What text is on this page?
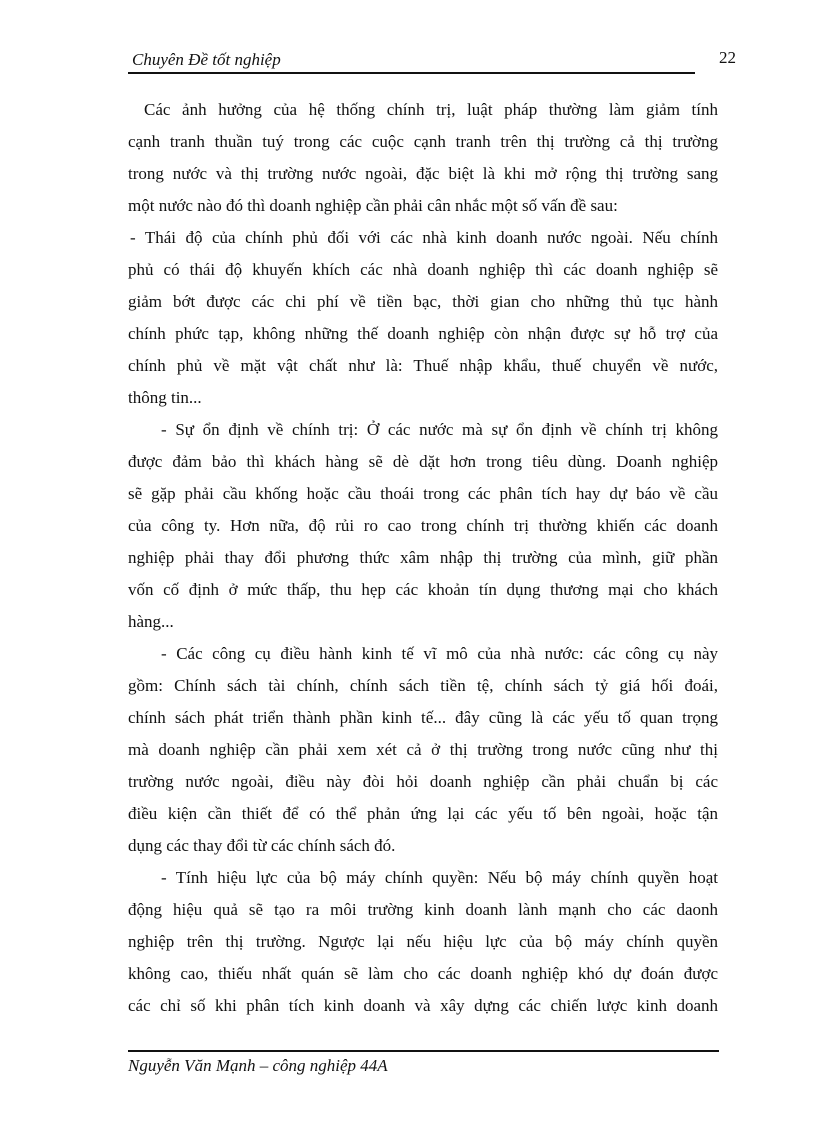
Chuyên Đề tốt nghiệp	22
Các ảnh hưởng của hệ thống chính trị, luật pháp thường làm giảm tính
cạnh tranh thuần tuý trong các cuộc cạnh tranh trên thị trường cả thị trường
trong nước và thị trường nước ngoài, đặc biệt là khi mở rộng thị trường sang
một nước nào đó thì doanh nghiệp cần phải cân nhắc một số vấn đề sau:
- Thái độ của chính phủ đối với các nhà kinh doanh nước ngoài. Nếu chính
phủ có thái độ khuyến khích các nhà doanh nghiệp thì các doanh nghiệp sẽ
giảm bớt được các chi phí về tiền bạc, thời gian cho những thủ tục hành
chính phức tạp, không những thế doanh nghiệp còn nhận được sự hỗ trợ của
chính phủ về mặt vật chất như là: Thuế nhập khẩu, thuế chuyển về nước,
thông tin...
- Sự ổn định về chính trị: Ở các nước mà sự ổn định về chính trị không
được đảm bảo thì khách hàng sẽ dè dặt hơn trong tiêu dùng. Doanh nghiệp
sẽ gặp phải cầu khống hoặc cầu thoái trong các phân tích hay dự báo về cầu
của công ty. Hơn nữa, độ rủi ro cao trong chính trị thường khiến các doanh
nghiệp phải thay đổi phương thức xâm nhập thị trường của mình, giữ phần
vốn cố định ở mức thấp, thu hẹp các khoản tín dụng thương mại cho khách
hàng...
- Các công cụ điều hành kinh tế vĩ mô của nhà nước: các công cụ này
gồm: Chính sách tài chính, chính sách tiền tệ, chính sách tỷ giá hối đoái,
chính sách phát triển thành phần kinh tế... đây cũng là các yếu tố quan trọng
mà doanh nghiệp cần phải xem xét cả ở thị trường trong nước cũng như thị
trường nước ngoài, điều này đòi hỏi doanh nghiệp cần phải chuẩn bị các
điều kiện cần thiết để có thể phản ứng lại các yếu tố bên ngoài, hoặc tận
dụng các thay đổi từ các chính sách đó.
- Tính hiệu lực của bộ máy chính quyền: Nếu bộ máy chính quyền hoạt
động hiệu quả sẽ tạo ra môi trường kinh doanh lành mạnh cho các daonh
nghiệp trên thị trường. Ngược lại nếu hiệu lực của bộ máy chính quyền
không cao, thiếu nhất quán sẽ làm cho các doanh nghiệp khó dự đoán được
các chỉ số khi phân tích kinh doanh và xây dựng các chiến lược kinh doanh
Nguyễn Văn Mạnh – công nghiệp 44A
